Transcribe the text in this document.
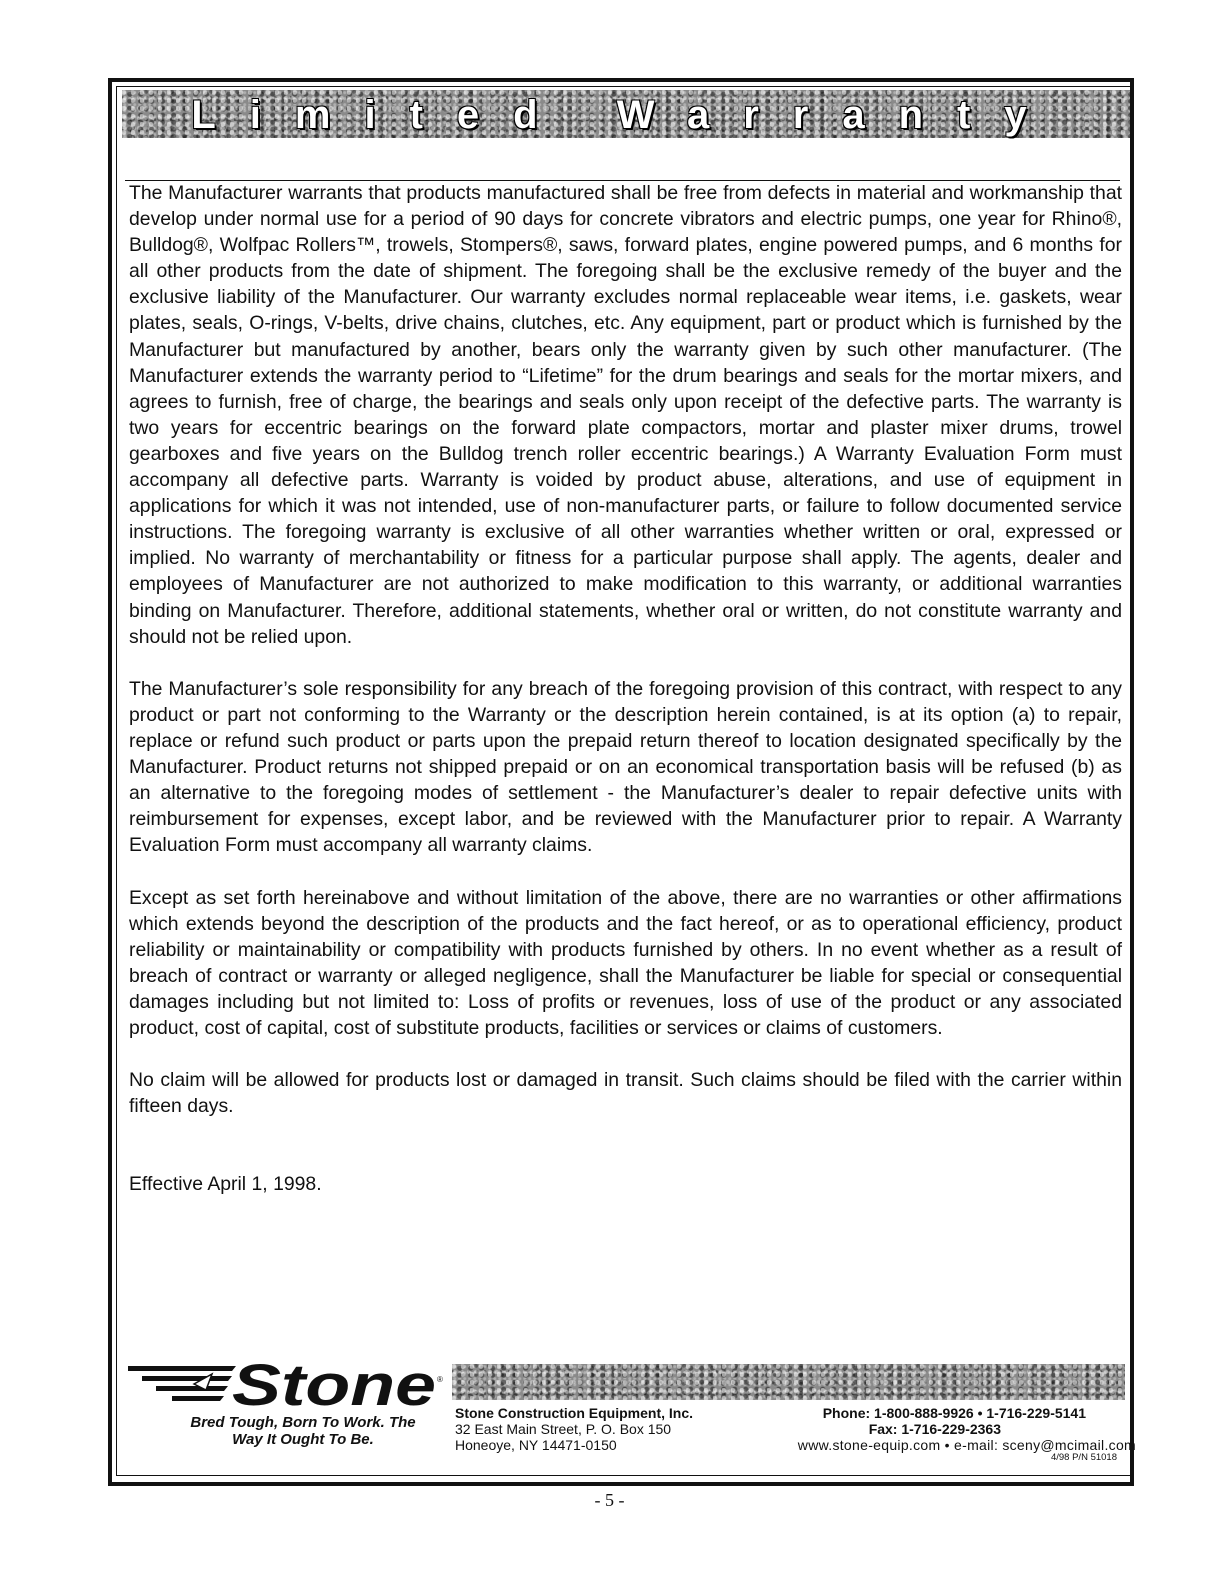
Limited Warranty

The Manufacturer warrants that products manufactured shall be free from defects in material and workmanship that develop under normal use for a period of 90 days for concrete vibrators and electric pumps, one year for Rhino®, Bulldog®, Wolfpac Rollers™, trowels, Stompers®, saws, forward plates, engine powered pumps, and 6 months for all other products from the date of shipment. The foregoing shall be the exclusive remedy of the buyer and the exclusive liability of the Manufacturer. Our warranty excludes normal replaceable wear items, i.e. gaskets, wear plates, seals, O-rings, V-belts, drive chains, clutches, etc. Any equipment, part or product which is furnished by the Manufacturer but manufactured by another, bears only the warranty given by such other manufacturer. (The Manufacturer extends the warranty period to “Lifetime” for the drum bearings and seals for the mortar mixers, and agrees to furnish, free of charge, the bearings and seals only upon receipt of the defective parts. The warranty is two years for eccentric bearings on the forward plate compactors, mortar and plaster mixer drums, trowel gearboxes and five years on the Bulldog trench roller eccentric bearings.) A Warranty Evaluation Form must accompany all defective parts. Warranty is voided by product abuse, alterations, and use of equipment in applications for which it was not intended, use of non-manufacturer parts, or failure to follow documented service instructions. The foregoing warranty is exclusive of all other warranties whether written or oral, expressed or implied. No warranty of merchantability or fitness for a particular purpose shall apply. The agents, dealer and employees of Manufacturer are not authorized to make modification to this warranty, or additional warranties binding on Manufacturer. Therefore, additional statements, whether oral or written, do not constitute warranty and should not be relied upon.

The Manufacturer’s sole responsibility for any breach of the foregoing provision of this contract, with respect to any product or part not conforming to the Warranty or the description herein contained, is at its option (a) to repair, replace or refund such product or parts upon the prepaid return thereof to location designated specifically by the Manufacturer. Product returns not shipped prepaid or on an economical transportation basis will be refused (b) as an alternative to the foregoing modes of settlement - the Manufacturer’s dealer to repair defective units with reimbursement for expenses, except labor, and be reviewed with the Manufacturer prior to repair. A Warranty Evaluation Form must accompany all warranty claims.

Except as set forth hereinabove and without limitation of the above, there are no warranties or other affirmations which extends beyond the description of the products and the fact hereof, or as to operational efficiency, product reliability or maintainability or compatibility with products furnished by others. In no event whether as a result of breach of contract or warranty or alleged negligence, shall the Manufacturer be liable for special or consequential damages including but not limited to: Loss of profits or revenues, loss of use of the product or any associated product, cost of capital, cost of substitute products, facilities or services or claims of customers.

No claim will be allowed for products lost or damaged in transit. Such claims should be filed with the carrier within fifteen days.

Effective April 1, 1998.

Stone ®
Bred Tough, Born To Work. The
Way It Ought To Be.
Stone Construction Equipment, Inc.
32 East Main Street, P. O. Box 150
Honeoye, NY 14471-0150
Phone: 1-800-888-9926 • 1-716-229-5141
Fax: 1-716-229-2363
www.stone-equip.com • e-mail: sceny@mcimail.com
4/98 P/N 51018
- 5 -
